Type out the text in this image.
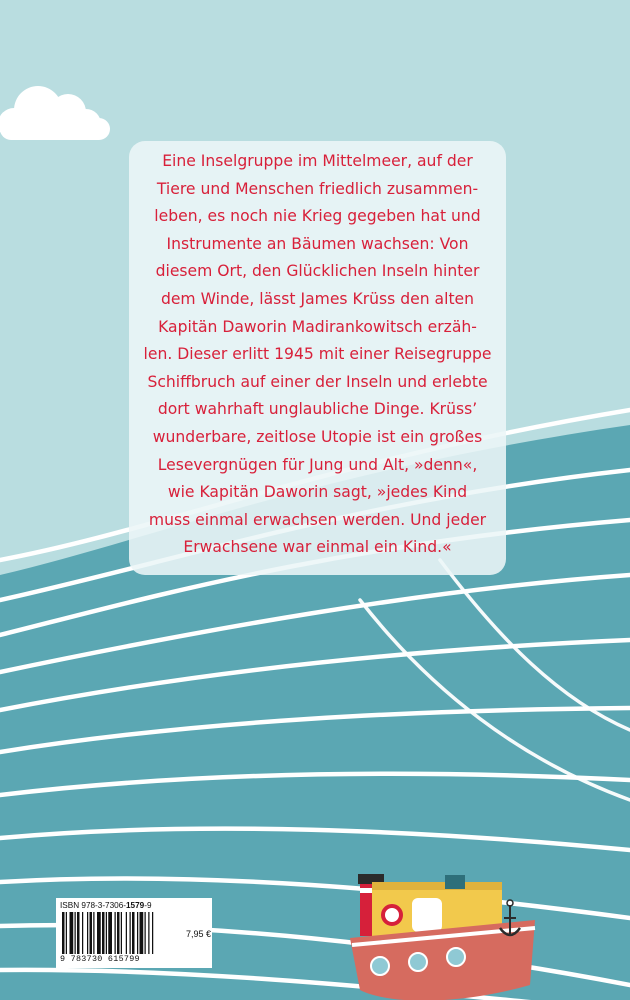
Eine Inselgruppe im Mittelmeer, auf der
Tiere und Menschen friedlich zusammen-
leben, es noch nie Krieg gegeben hat und
Instrumente an Bäumen wachsen: Von
diesem Ort, den Glücklichen Inseln hinter
dem Winde, lässt James Krüss den alten
Kapitän Daworin Madirankowitsch erzäh-
len. Dieser erlitt 1945 mit einer Reisegruppe
Schiffbruch auf einer der Inseln und erlebte
dort wahrhaft unglaubliche Dinge. Krüss’
wunderbare, zeitlose Utopie ist ein großes
Lesevergnügen für Jung und Alt, »denn«,
wie Kapitän Daworin sagt, »jedes Kind
muss einmal erwachsen werden. Und jeder
Erwachsene war einmal ein Kind.«

ISBN 978-3-7306-1579-9
9 783730 615799
7,95 €
